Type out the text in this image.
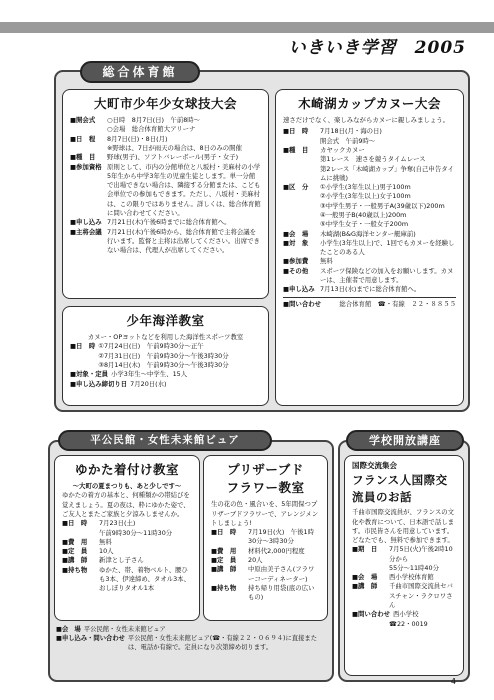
いきいき学習　2005
総合体育館
大町市少年少女球技大会
■開会式	○日時　8月7日(日)　午前8時～
○会場　総合体育館大アリーナ
■日　程	8月7日(日)・8日(月)
※野球は、7日が雨天の場合は、8日のみの開催
■種　目	野球(男子)、ソフトバレーボール(男子・女子)
■参加資格 原則として、市内の分館単位と八坂村・美麻村の小学5年生から中学3年生の児童生徒とします。単一分館で出場できない場合は、隣接する分館または、こども会単位での参加もできます。ただし、八坂村・美麻村は、この限りではありません。詳しくは、総合体育館に問い合わせてください。
■申し込み 7月21日(木)午後6時までに総合体育館へ。
■主将会議 7月21日(木)午後6時から、総合体育館で主将会議を行います。監督と主将は出席してください。出席できない場合は、代理人が出席してください。
少年海洋教室
カヌー・OPヨットなどを利用した海洋性スポーツ教室
■日　時 ①7月24日(日)　午前9時30分～正午
②7月31日(日)　午前9時30分～午後3時30分
③8月14日(木)　午前9時30分～午後3時30分
■対象・定員 小学3年生～中学生、15人
■申し込み締切り日 7月20日(水)
木崎湖カップカヌー大会
速さだけでなく、楽しみながらカヌーに親しみましょう。
■日　時	7月18日(月・海の日)
開会式　午前9時～
■種　目	カヤックカヌー
第1レース　速さを競うタイムレース
第2レース「木崎湖カップ」争奪(自己申告タイムに挑戦)
■区　分	①小学生(3年生以上)男子100m
②小学生(3年生以上)女子100m
③中学生男子・一般男子A(39歳以下)200m
④一般男子B(40歳以上)200m
⑤中学生女子・一般女子200m
■会　場	木崎湖(B&G海洋センター艇庫前)
■対　象	小学生(3年生以上)で、1回でもカヌーを経験したことのある人
■参加費	無料
■その他	スポーツ保険などの加入をお願いします。カヌーは、主催者で用意します。
■申し込み 7月13日(水)までに総合体育館へ。
■問い合わせ	総合体育館　☎・有線　２２・８８５５
平公民館・女性未来館ビュア
ゆかた着付け教室
～大町の夏まつりも、あと少しです～
ゆかたの着方の基本と、何種類かの帯結びを覚えましょう。夏の夜は、粋にゆかた姿で、ご友人とまたご家族と夕涼みしませんか。
■日　時	7月23日(土)
午前9時30分～11時30分
■費　用	無料
■定　員	10人
■講　師	新津とし子さん
■持ち物	ゆかた、帯、着物ベルト、腰ひも3本、伊達締め、タオル3本、おしぼりタオル1本
プリザーブド
フラワー教室
生の花の色・風合いを、5年間保つプリザーブドフラワーで、アレンジメントしましょう!
■日　時	7月19日(火)　午後1時30分～3時30分
■費　用	材料代2,000円程度
■定　員	20人
■講　師	中原由美子さん(フラワーコーディネーター)
■持ち物	持ち帰り用袋(底の広いもの)
■会　場 平公民館・女性未来館ビュア
■申し込み・問い合わせ 平公民館・女性未来館ビュア(☎・有線２２・０６９４)に直接または、電話か有線で。定員になり次第締め切ります。
学校開放講座
国際交流集会
フランス人国際交流員のお話
千曲市国際交流員が、フランスの文化や教育について、日本語で話します。市民皆さんを用意しています。どなたでも、無料で参加できます。
■期　日	7月5日(火)午後2時10分から
55分～11時40分
■会　場	西小学校体育館
■講　師	千曲市国際交流員セバスチャン・ラクロワさん
■問い合わせ 西小学校
☎22・0019
4
